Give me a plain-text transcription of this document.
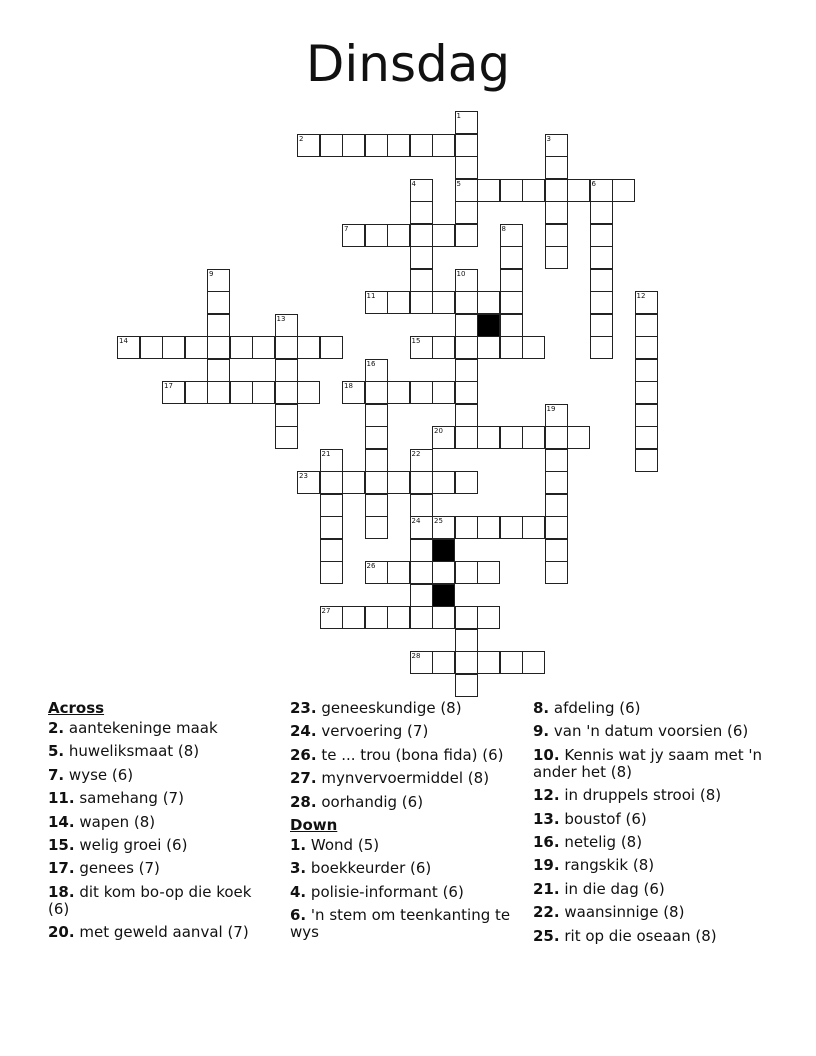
Dinsdag
1
2	3
4	5	6
7	8
9	10
11	12
13
14	15
16
17	18
19
20
21	22
23
24 25
26
27
28
Across
2. aantekeninge maak
5. huweliksmaat (8)
7. wyse (6)
11. samehang (7)
14. wapen (8)
15. welig groei (6)
17. genees (7)
18. dit kom bo-op die koek (6)
20. met geweld aanval (7)
23. geneeskundige (8)
24. vervoering (7)
26. te ... trou (bona fida) (6)
27. mynvervoermiddel (8)
28. oorhandig (6)
Down
1. Wond (5)
3. boekkeurder (6)
4. polisie-informant (6)
6. 'n stem om teenkanting te wys
8. afdeling (6)
9. van 'n datum voorsien (6)
10. Kennis wat jy saam met 'n ander het (8)
12. in druppels strooi (8)
13. boustof (6)
16. netelig (8)
19. rangskik (8)
21. in die dag (6)
22. waansinnige (8)
25. rit op die oseaan (8)
